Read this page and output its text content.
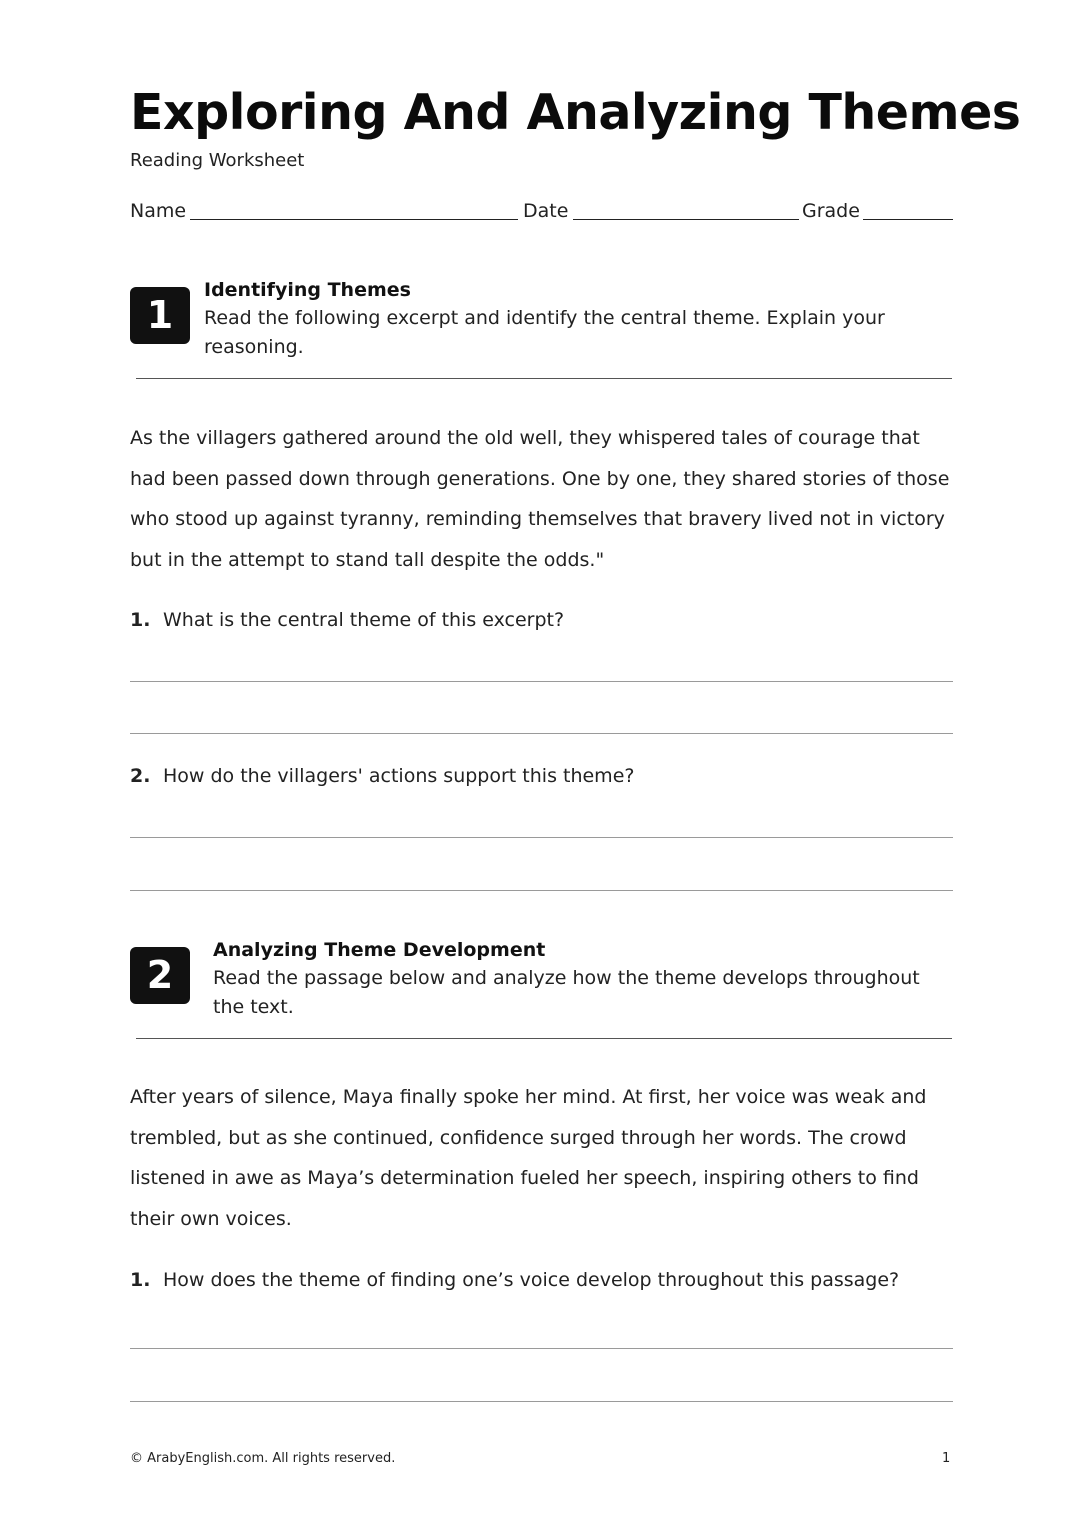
Exploring And Analyzing Themes
Reading Worksheet
Name	Date	Grade
1
Identifying Themes
Read the following excerpt and identify the central theme. Explain your reasoning.
As the villagers gathered around the old well, they whispered tales of courage that had been passed down through generations. One by one, they shared stories of those who stood up against tyranny, reminding themselves that bravery lived not in victory but in the attempt to stand tall despite the odds."
1. What is the central theme of this excerpt?
2. How do the villagers' actions support this theme?
2
Analyzing Theme Development
Read the passage below and analyze how the theme develops throughout the text.
After years of silence, Maya finally spoke her mind. At first, her voice was weak and trembled, but as she continued, confidence surged through her words. The crowd listened in awe as Maya’s determination fueled her speech, inspiring others to find their own voices.
1. How does the theme of finding one’s voice develop throughout this passage?
© ArabyEnglish.com. All rights reserved.	1
